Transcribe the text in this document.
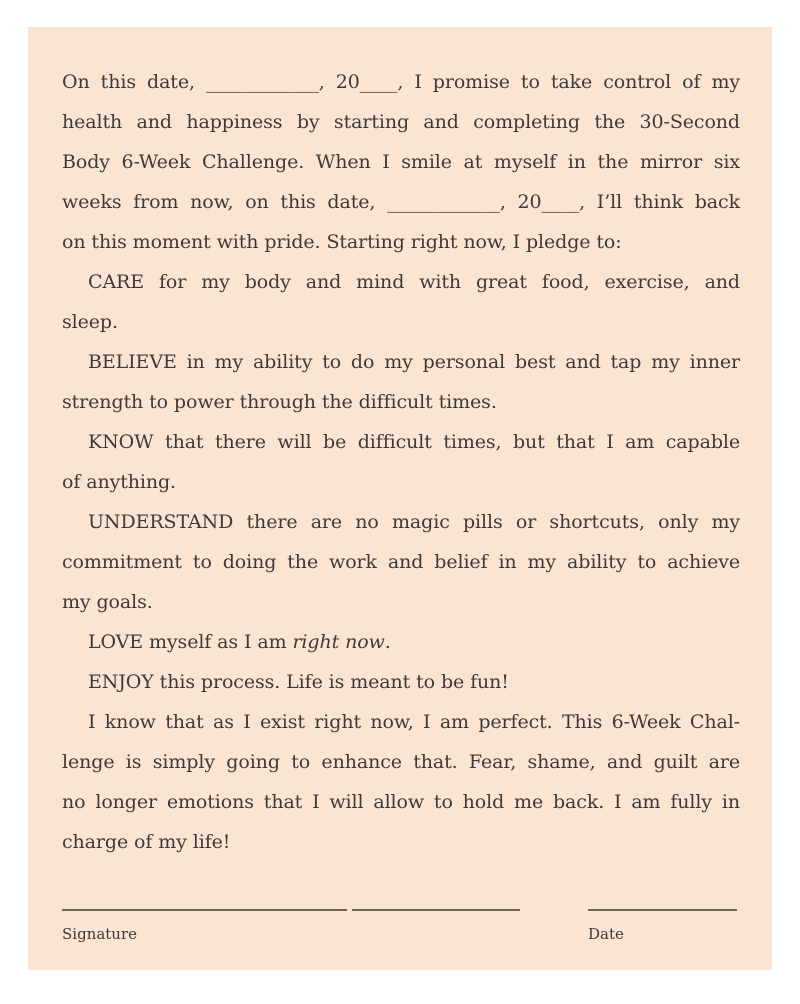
On this date, ____________, 20____, I promise to take control of my
health and happiness by starting and completing the 30-Second
Body 6-Week Challenge. When I smile at myself in the mirror six
weeks from now, on this date, ____________, 20____, I’ll think back
on this moment with pride. Starting right now, I pledge to:
CARE for my body and mind with great food, exercise, and
sleep.
BELIEVE in my ability to do my personal best and tap my inner
strength to power through the difficult times.
KNOW that there will be difficult times, but that I am capable
of anything.
UNDERSTAND there are no magic pills or shortcuts, only my
commitment to doing the work and belief in my ability to achieve
my goals.
LOVE myself as I am right now.
ENJOY this process. Life is meant to be fun!
I know that as I exist right now, I am perfect. This 6-Week Chal-
lenge is simply going to enhance that. Fear, shame, and guilt are
no longer emotions that I will allow to hold me back. I am fully in
charge of my life!
Signature	Date
